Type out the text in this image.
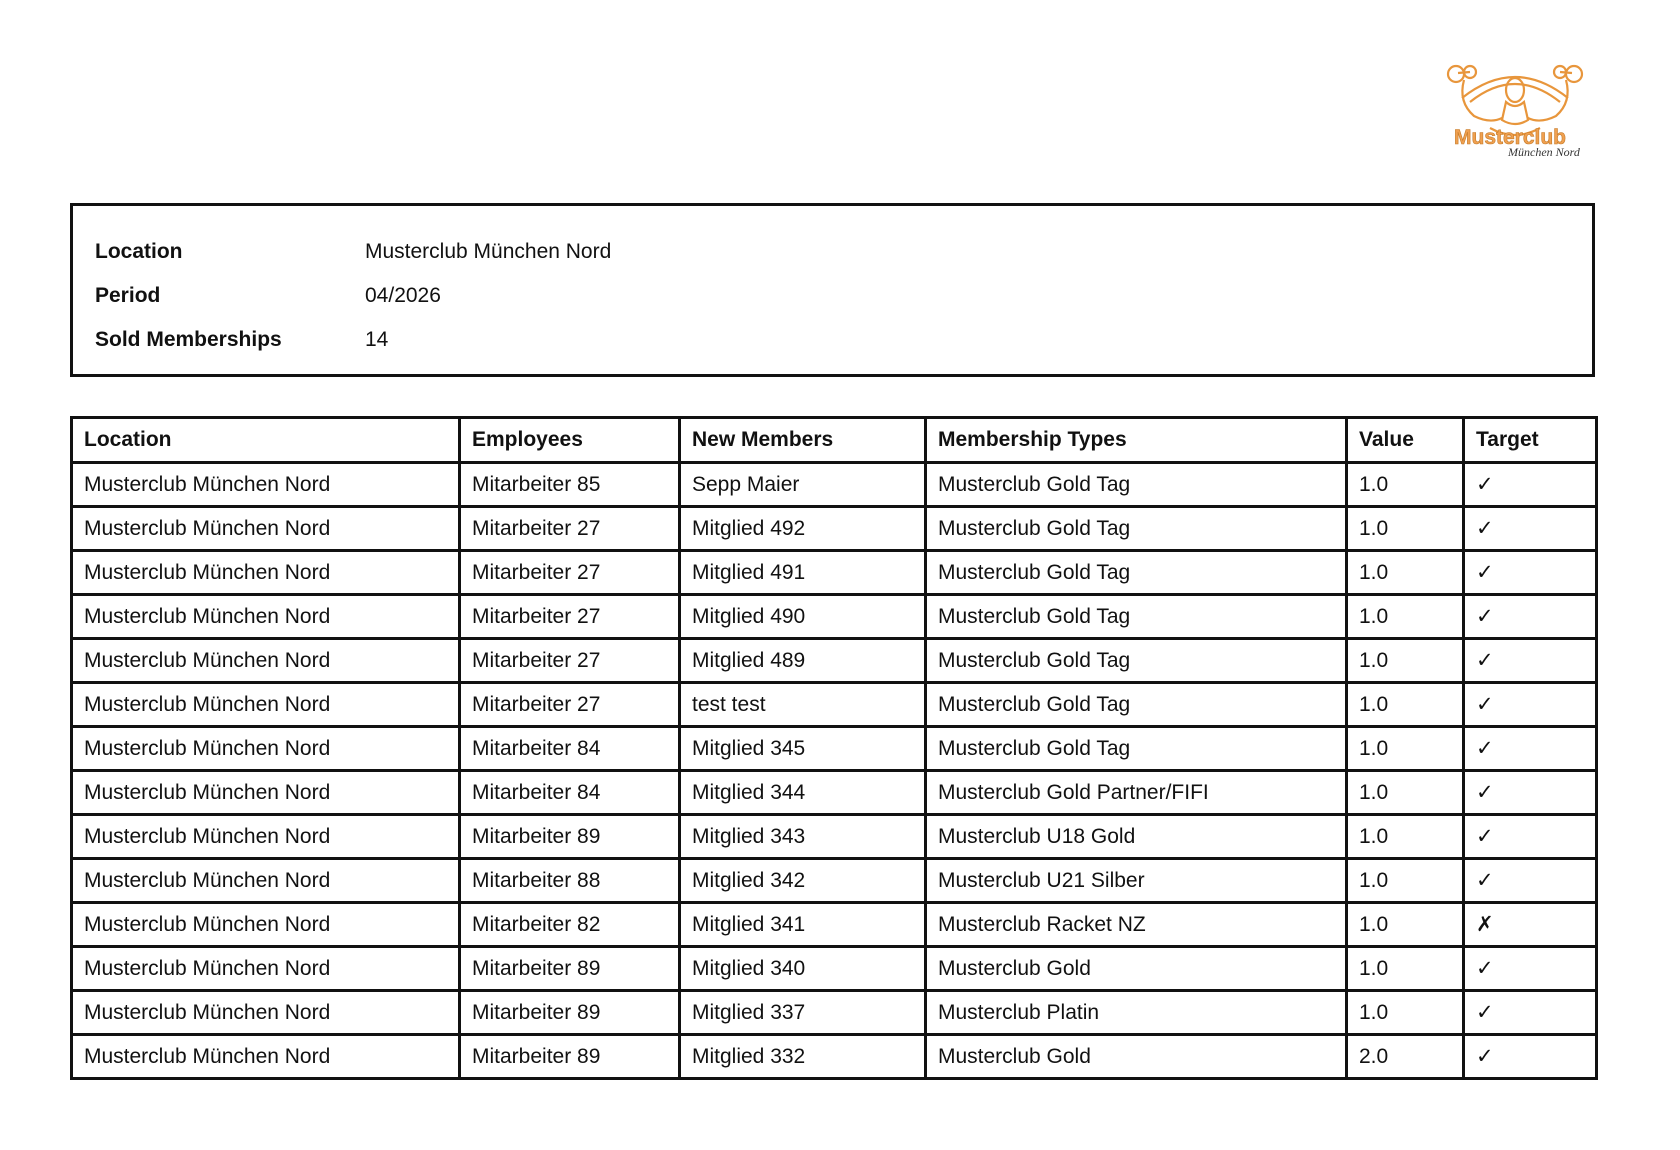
Musterclub
München Nord
Location	Musterclub München Nord
Period	04/2026
Sold Memberships	14
Location	Employees	New Members	Membership Types	Value	Target
Musterclub München Nord	Mitarbeiter 85	Sepp Maier	Musterclub Gold Tag	1.0	✓
Musterclub München Nord	Mitarbeiter 27	Mitglied 492	Musterclub Gold Tag	1.0	✓
Musterclub München Nord	Mitarbeiter 27	Mitglied 491	Musterclub Gold Tag	1.0	✓
Musterclub München Nord	Mitarbeiter 27	Mitglied 490	Musterclub Gold Tag	1.0	✓
Musterclub München Nord	Mitarbeiter 27	Mitglied 489	Musterclub Gold Tag	1.0	✓
Musterclub München Nord	Mitarbeiter 27	test test	Musterclub Gold Tag	1.0	✓
Musterclub München Nord	Mitarbeiter 84	Mitglied 345	Musterclub Gold Tag	1.0	✓
Musterclub München Nord	Mitarbeiter 84	Mitglied 344	Musterclub Gold Partner/FIFI	1.0	✓
Musterclub München Nord	Mitarbeiter 89	Mitglied 343	Musterclub U18 Gold	1.0	✓
Musterclub München Nord	Mitarbeiter 88	Mitglied 342	Musterclub U21 Silber	1.0	✓
Musterclub München Nord	Mitarbeiter 82	Mitglied 341	Musterclub Racket NZ	1.0	✗
Musterclub München Nord	Mitarbeiter 89	Mitglied 340	Musterclub Gold	1.0	✓
Musterclub München Nord	Mitarbeiter 89	Mitglied 337	Musterclub Platin	1.0	✓
Musterclub München Nord	Mitarbeiter 89	Mitglied 332	Musterclub Gold	2.0	✓
